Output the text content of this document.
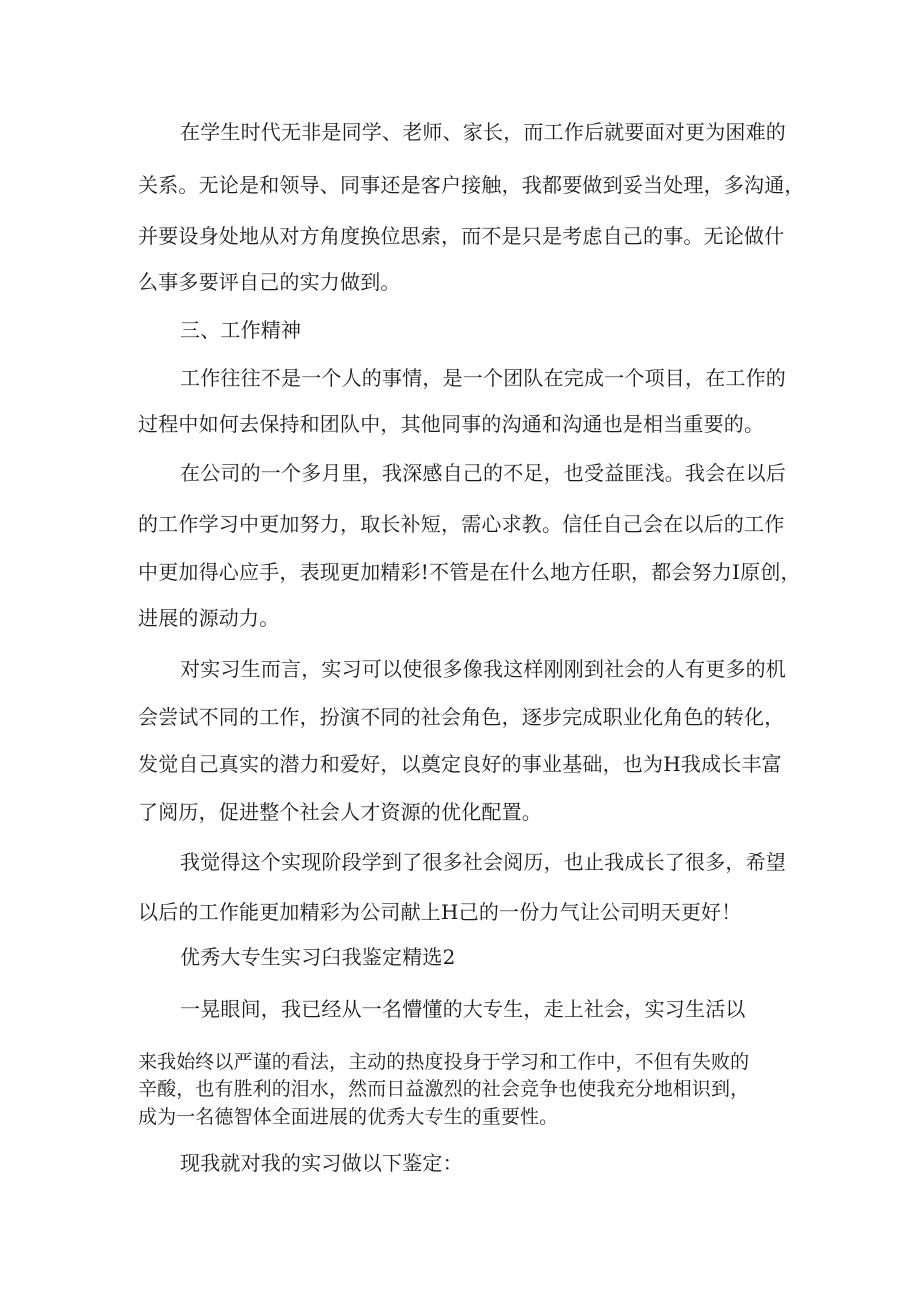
在学生时代无非是同学、老师、家长，而工作后就要面对更为困难的
关系。无论是和领导、同事还是客户接触，我都要做到妥当处理，多沟通，
并要设身处地从对方角度换位思索，而不是只是考虑自己的事。无论做什
么事多要评自己的实力做到。
三、工作精神
工作往往不是一个人的事情，是一个团队在完成一个项目，在工作的
过程中如何去保持和团队中，其他同事的沟通和沟通也是相当重要的。
在公司的一个多月里，我深感自己的不足，也受益匪浅。我会在以后
的工作学习中更加努力，取长补短，需心求教。信任自己会在以后的工作
中更加得心应手，表现更加精彩!不管是在什么地方任职，都会努力I原创，
进展的源动力。
对实习生而言，实习可以使很多像我这样刚刚到社会的人有更多的机
会尝试不同的工作，扮演不同的社会角色，逐步完成职业化角色的转化，
发觉自己真实的潜力和爱好，以奠定良好的事业基础，也为H我成长丰富
了阅历，促进整个社会人才资源的优化配置。
我觉得这个实现阶段学到了很多社会阅历，也止我成长了很多，希望
以后的工作能更加精彩为公司献上H己的一份力气让公司明天更好！
优秀大专生实习臼我鉴定精选2
一晃眼间，我已经从一名懵懂的大专生，走上社会，实习生活以
来我始终以严谨的看法，主动的热度投身于学习和工作中，不但有失败的
辛酸，也有胜利的泪水，然而日益激烈的社会竞争也使我充分地相识到，
成为一名德智体全面进展的优秀大专生的重要性。
现我就对我的实习做以下鉴定：
